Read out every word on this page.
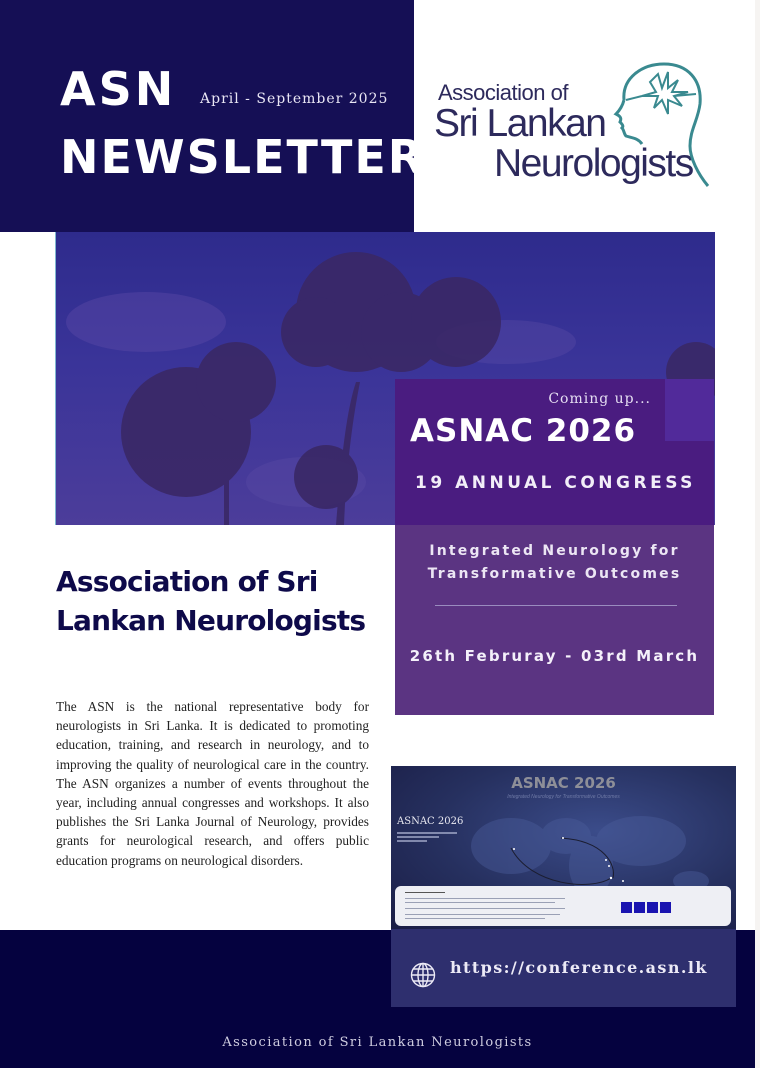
ASN April - September 2025
NEWSLETTER
Association of
Sri Lankan
Neurologists
Coming up...
ASNAC 2026
19 ANNUAL CONGRESS
Integrated Neurology for
Transformative Outcomes
26th Februray - 03rd March
Association of Sri Lankan Neurologists
The ASN is the national representative body for neurologists in Sri Lanka. It is dedicated to promoting education, training, and research in neurology, and to improving the quality of neurological care in the country. The ASN organizes a number of events throughout the year, including annual congresses and workshops. It also publishes the Sri Lanka Journal of Neurology, provides grants for neurological research, and offers public education programs on neurological disorders.
ASNAC 2026
Integrated Neurology for Transformative Outcomes
ASNAC 2026
Association of Sri Lankan Neurologists
https://conference.asn.lk
